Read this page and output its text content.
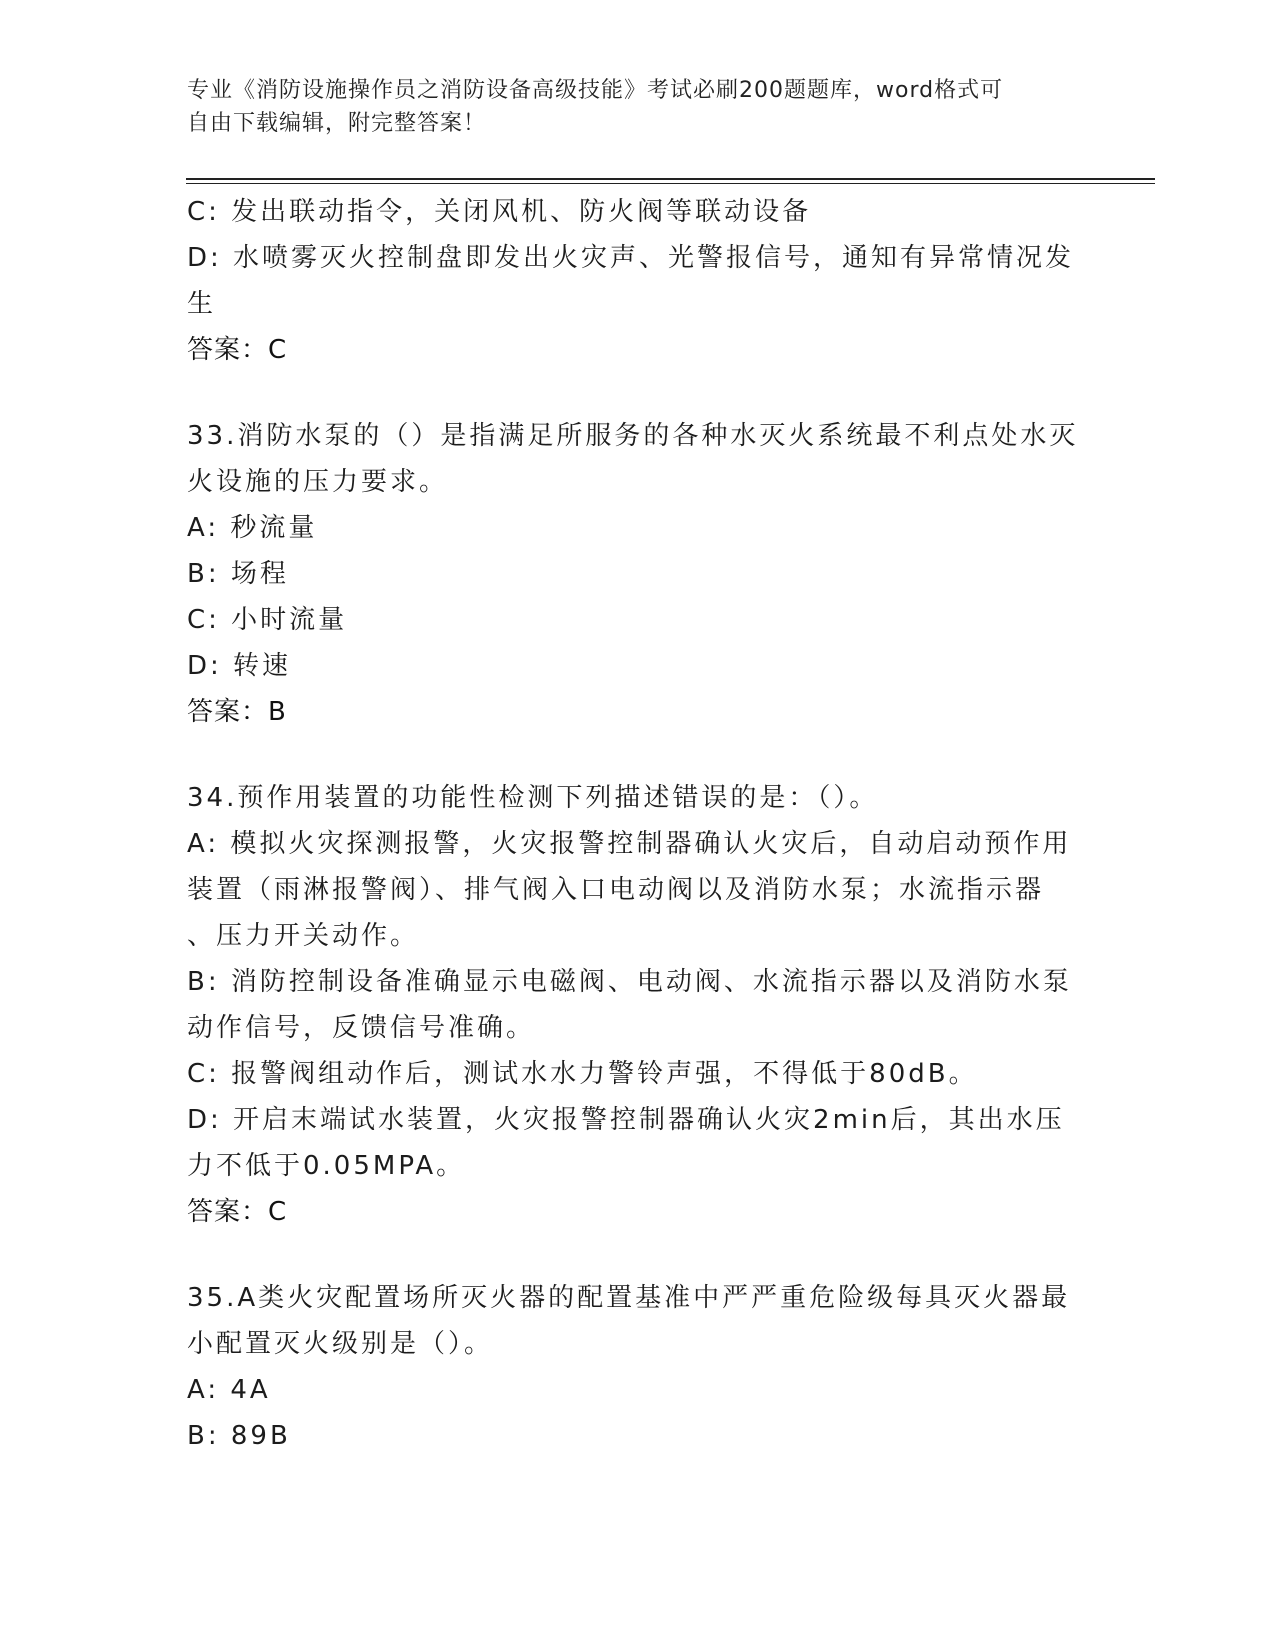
专业《消防设施操作员之消防设备高级技能》考试必刷200题题库，word格式可
自由下载编辑，附完整答案！
C: 发出联动指令，关闭风机、防火阀等联动设备
D: 水喷雾灭火控制盘即发出火灾声、光警报信号，通知有异常情况发
生
答案：C
33.消防水泵的（）是指满足所服务的各种水灭火系统最不利点处水灭
火设施的压力要求。
A: 秒流量
B: 场程
C: 小时流量
D: 转速
答案：B
34.预作用装置的功能性检测下列描述错误的是：（）。
A: 模拟火灾探测报警，火灾报警控制器确认火灾后，自动启动预作用
装置（雨淋报警阀）、排气阀入口电动阀以及消防水泵；水流指示器
、压力开关动作。
B: 消防控制设备准确显示电磁阀、电动阀、水流指示器以及消防水泵
动作信号，反馈信号准确。
C: 报警阀组动作后，测试水水力警铃声强，不得低于80dB。
D: 开启末端试水装置，火灾报警控制器确认火灾2min后，其出水压
力不低于0.05MPA。
答案：C
35.A类火灾配置场所灭火器的配置基准中严严重危险级每具灭火器最
小配置灭火级别是（）。
A: 4A
B: 89B
